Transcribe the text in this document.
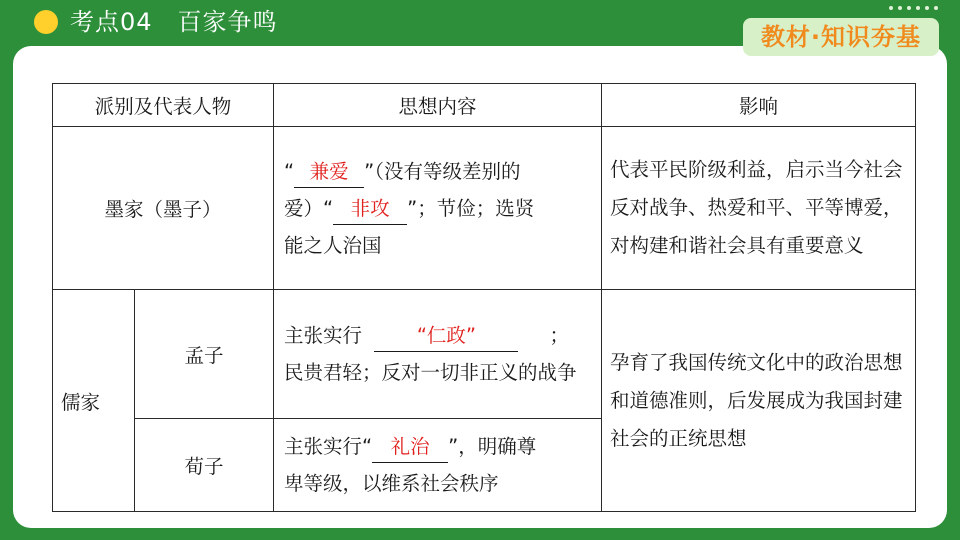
考点04　百家争鸣
教材·知识夯基
派别及代表人物		思想内容	影响
墨家（墨子）		“ 兼爱 ”（没有等级差别的
爱）“ 非攻 ”；节俭；选贤
能之人治国	代表平民阶级利益，启示当今社会反对战争、热爱和平、平等博爱，对构建和谐社会具有重要意义
儒家	孟子	主张实行 “仁政” ；
民贵君轻；反对一切非正义的战争	孕育了我国传统文化中的政治思想和道德准则，后发展成为我国封建社会的正统思想
	荀子	主张实行“ 礼治 ”，明确尊
卑等级，以维系社会秩序	
